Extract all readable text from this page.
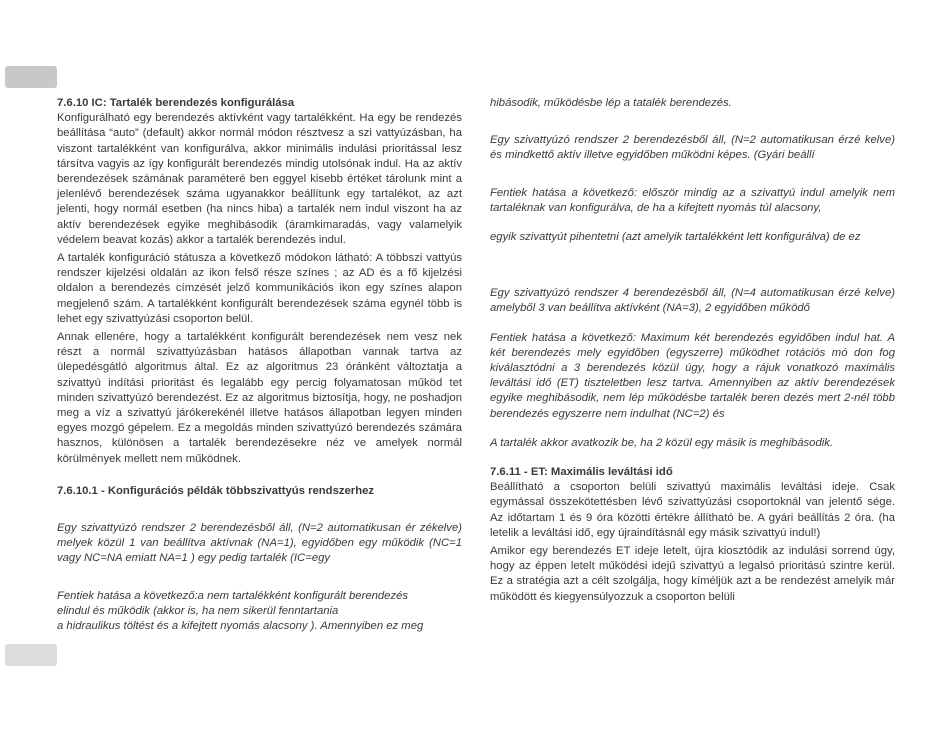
7.6.10 IC: Tartalék berendezés konfigurálása

Konfigurálható egy berendezés aktívként vagy tartalékként. Ha egy be rendezés beállítása “auto” (default) akkor normál módon résztvesz a szi vattyúzásban, ha viszont tartalékként van konfigurálva, akkor minimális indulási prioritással lesz társítva vagyis az így konfigurált berendezés mindig utolsónak indul. Ha az aktív berendezések számának paraméteré ben eggyel kisebb értéket tárolunk mint a jelenlévő berendezések száma ugyanakkor beállítunk egy tartalékot, az azt jelenti, hogy normál esetben (ha nincs hiba) a tartalék nem indul viszont ha az aktív berendezések egyike meghibásodik (áramkimaradás, vagy valamelyik védelem beavat kozás) akkor a tartalék berendezés indul.

A tartalék konfiguráció státusza a következő módokon látható: A többszi vattyús rendszer kijelzési oldalán az ikon felső része színes ; az AD és a fő kijelzési oldalon a berendezés címzését jelző kommunikációs ikon egy színes alapon megjelenő szám. A tartalékként konfigurált berendezések száma egynél több is lehet egy szivattyúzási csoporton belül.

Annak ellenére, hogy a tartalékként konfigurált berendezések nem vesz nek részt a normál szivattyúzásban hatásos állapotban vannak tartva az ülepedésgátló algoritmus által. Ez az algoritmus 23 óránként változtatja a szivattyú indítási prioritást és legalább egy percig folyamatosan működ tet minden szivattyúzó berendezést. Ez az algoritmus biztosítja, hogy, ne poshadjon meg a víz a szivattyú járókerekénél illetve hatásos állapotban legyen minden egyes mozgó gépelem. Ez a megoldás minden szivattyúzó berendezés számára hasznos, különösen a tartalék berendezésekre néz ve amelyek normál körülmények mellett nem működnek.

7.6.10.1 - Konfigurációs példák többszivattyús rendszerhez

Egy szivattyúzó rendszer 2 berendezésből áll, (N=2 automatikusan ér zékelve) melyek közül 1 van beállítva aktívnak (NA=1), egyidőben egy működik (NC=1 vagy NC=NA emiatt NA=1 ) egy pedig tartalék (IC=egy

Fentiek hatása a következő:a nem tartalékként konfigurált berendezés

elindul és működik (akkor is, ha nem sikerül fenntartania

a hidraulikus töltést és a kifejtett nyomás alacsony ). Amennyiben ez meg

hibásodik, működésbe lép a tatalék berendezés.

Egy szivattyúzó rendszer 2 berendezésből áll, (N=2 automatikusan érzé kelve) és mindkettő aktív illetve egyidőben működni képes. (Gyári beállí

Fentiek hatása a következő: először mindig az a szivattyú indul amelyik nem tartaléknak van konfigurálva, de ha a kifejtett nyomás túl alacsony,

egyik szivattyút pihentetni (azt amelyik tartalékként lett konfigurálva) de ez

Egy szivattyúzó rendszer 4 berendezésből áll, (N=4 automatikusan érzé kelve) amelyből 3 van beállítva aktívként (NA=3), 2 egyidőben működő

Fentiek hatása a következő: Maximum két berendezés egyidőben indul hat. A két berendezés mely egyidőben (egyszerre) működhet rotációs mó don fog kiválasztódni a 3 berendezés közül úgy, hogy a rájuk vonatkozó maximális leváltási idő (ET) tiszteletben lesz tartva. Amennyiben az aktív berendezések egyike meghibásodik, nem lép működésbe tartalék beren dezés mert 2-nél több berendezés egyszerre nem indulhat (NC=2) és

A tartalék akkor avatkozik be, ha 2 közül egy másik is meghibásodik.

7.6.11 - ET: Maximális leváltási idő

Beállítható a csoporton belüli szivattyú maximális leváltási ideje. Csak egymással összekötettésben lévő szivattyúzási csoportoknál van jelentő sége. Az időtartam 1 és 9 óra közötti értékre állítható be. A gyári beállítás 2 óra. (ha letelik a leváltási idő, egy újraindításnál egy másik szivattyú indul!)

Amikor egy berendezés ET ideje letelt, újra kiosztódik az indulási sorrend úgy, hogy az éppen letelt működési idejű szivattyú a legalsó prioritású szintre kerül. Ez a stratégia azt a célt szolgálja, hogy kíméljük azt a be rendezést amelyik már működött és kiegyensúlyozzuk a csoporton belüli
